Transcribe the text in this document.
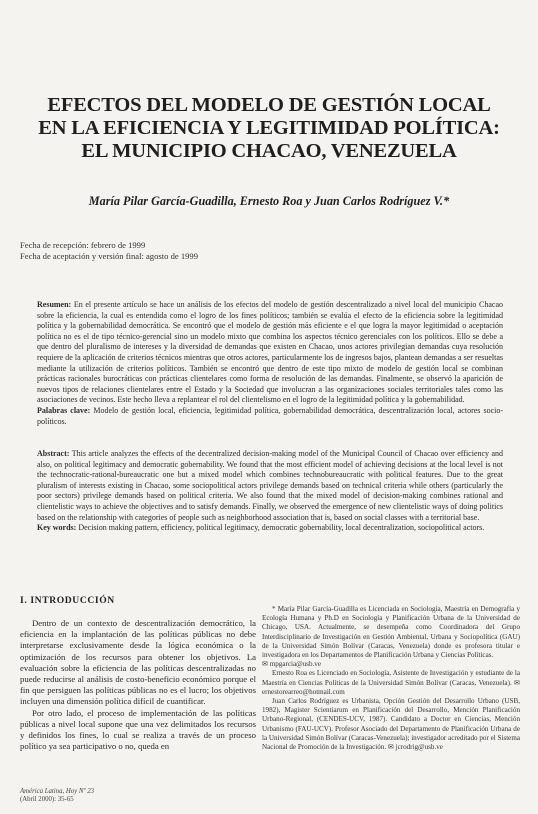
EFECTOS DEL MODELO DE GESTIÓN LOCAL
EN LA EFICIENCIA Y LEGITIMIDAD POLÍTICA:
EL MUNICIPIO CHACAO, VENEZUELA
María Pilar García-Guadilla, Ernesto Roa y Juan Carlos Rodríguez V.*
Fecha de recepción: febrero de 1999
Fecha de aceptación y versión final: agosto de 1999
Resumen: En el presente artículo se hace un análisis de los efectos del modelo de gestión descentralizado a nivel local del municipio Chacao sobre la eficiencia, la cual es entendida como el logro de los fines políticos; también se evalúa el efecto de la eficiencia sobre la legitimidad política y la gobernabilidad democrática. Se encontró que el modelo de gestión más eficiente e el que logra la mayor legitimidad o aceptación política no es el de tipo técnico-gerencial sino un modelo mixto que combina los aspectos técnico gerenciales con los políticos. Ello se debe a que dentro del pluralismo de intereses y la diversidad de demandas que existen en Chacao, unos actores privilegian demandas cuya resolución requiere de la aplicación de criterios técnicos mientras que otros actores, particularmente los de ingresos bajos, plantean demandas a ser resueltas mediante la utilización de criterios políticos. También se encontró que dentro de este tipo mixto de modelo de gestión local se combinan prácticas racionales burocráticas con prácticas clientelares como forma de resolución de las demandas. Finalmente, se observó la aparición de nuevos tipos de relaciones clientelares entre el Estado y la Sociedad que involucran a las organizaciones sociales territoriales tales como las asociaciones de vecinos. Este hecho lleva a replantear el rol del clientelismo en el logro de la legitimidad política y la gobernabilidad.
Palabras clave: Modelo de gestión local, eficiencia, legitimidad política, gobernabilidad democrática, descentralización local, actores socio-políticos.
Abstract: This article analyzes the effects of the decentralized decision-making model of the Municipal Council of Chacao over efficiency and also, on political legitimacy and democratic gobernability. We found that the most efficient model of achieving decisions at the local level is not the technocratic-rational-bureaucratic one but a mixed model which combines technobureaucratic with political features. Due to the great pluralism of interests existing in Chacao, some sociopolitical actors privilege demands based on technical criteria while others (particularly the poor sectors) privilege demands based on political criteria. We also found that the mixed model of decision-making combines rational and clientelistic ways to achieve the objectives and to satisfy demands. Finally, we observed the emergence of new clientelistic ways of doing politics based on the relationship with categories of people such as neighborhood association that is, based on social classes with a territorial base.
Key words: Decision making pattern, efficiency, political legitimacy, democratic gobernability, local decentralization, sociopolitical actors.
I. INTRODUCCIÓN

Dentro de un contexto de descentralización democrático, la eficiencia en la implantación de las políticas públicas no debe interpretarse exclusivamente desde la lógica económica o la optimización de los recursos para obtener los objetivos. La evaluación sobre la eficiencia de las políticas descentralizadas no puede reducirse al análisis de costo-beneficio económico porque el fin que persiguen las políticas públicas no es el lucro; los objetivos incluyen una dimensión política difícil de cuantificar.

Por otro lado, el proceso de implementación de las políticas públicas a nivel local supone que una vez delimitados los recursos y definidos los fines, lo cual se realiza a través de un proceso político ya sea participativo o no, queda en

* María Pilar García-Guadilla es Licenciada en Sociología, Maestría en Demografía y Ecología Humana y Ph.D en Sociología y Planificación Urbana de la Universidad de Chicago, USA. Actualmente, se desempeña como Coordinadora del Grupo Interdisciplinario de Investigación en Gestión Ambiental, Urbana y Sociopolítica (GAU) de la Universidad Simón Bolívar (Caracas, Venezuela) donde es profesora titular e investigadora en los Departamentos de Planificación Urbana y Ciencias Políticas.

✉ mpgarcia@usb.ve

Ernesto Roa es Licenciado en Sociología, Asistente de Investigación y estudiante de la Maestría en Ciencias Políticas de la Universidad Simón Bolívar (Caracas, Venezuela). ✉ ernestorearreo@hotmail.com

Juan Carlos Rodríguez es Urbanista, Opción Gestión del Desarrollo Urbano (USB, 1982), Magister Scientiarum en Planificación del Desarrollo, Mención Planificación Urbano-Regional, (CENDES-UCV, 1987). Candidato a Doctor en Ciencias, Mención Urbanismo (FAU-UCV). Profesor Asociado del Departamento de Planificación Urbana de la Universidad Simón Bolívar (Caracas-Venezuela); investigador acreditado por el Sistema Nacional de Promoción de la Investigación. ✉ jcrodrig@usb.ve

América Latina, Hoy Nº 23
(Abril 2000): 35-65
